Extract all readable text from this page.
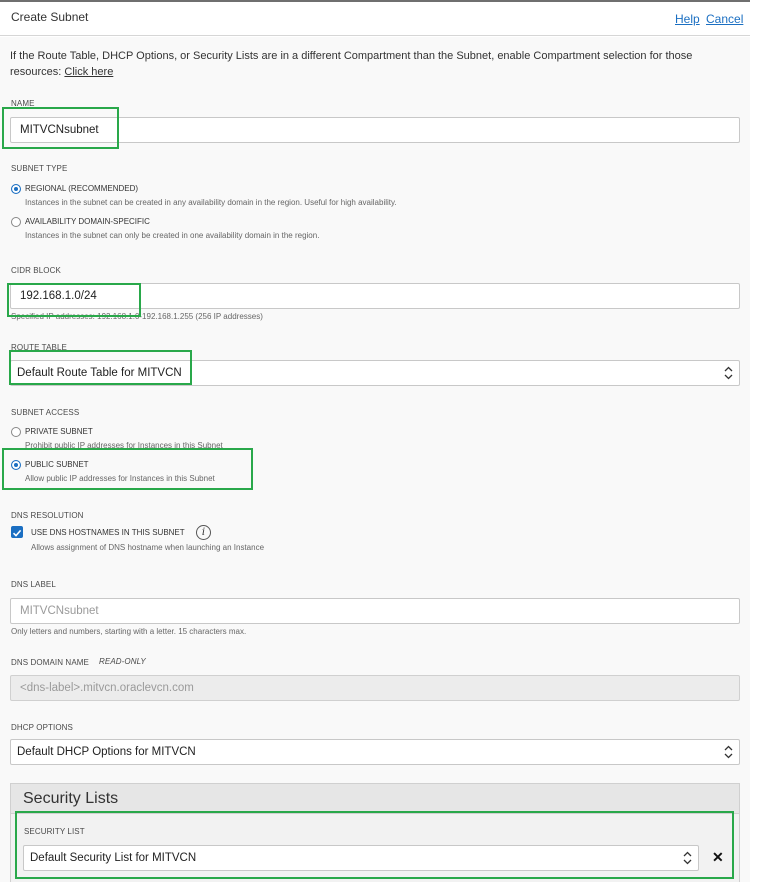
Create Subnet	Help Cancel
If the Route Table, DHCP Options, or Security Lists are in a different Compartment than the Subnet, enable Compartment selection for those resources: Click here
NAME
MITVCNsubnet
SUBNET TYPE
REGIONAL (RECOMMENDED)
Instances in the subnet can be created in any availability domain in the region. Useful for high availability.
AVAILABILITY DOMAIN-SPECIFIC
Instances in the subnet can only be created in one availability domain in the region.
CIDR BLOCK
192.168.1.0/24
Specified IP addresses: 192.168.1.0-192.168.1.255 (256 IP addresses)
ROUTE TABLE
Default Route Table for MITVCN
SUBNET ACCESS
PRIVATE SUBNET
Prohibit public IP addresses for Instances in this Subnet
PUBLIC SUBNET
Allow public IP addresses for Instances in this Subnet
DNS RESOLUTION
USE DNS HOSTNAMES IN THIS SUBNET	i
Allows assignment of DNS hostname when launching an Instance
DNS LABEL
MITVCNsubnet
Only letters and numbers, starting with a letter. 15 characters max.
DNS DOMAIN NAME READ-ONLY
<dns-label>.mitvcn.oraclevcn.com
DHCP OPTIONS
Default DHCP Options for MITVCN
Security Lists
SECURITY LIST
Default Security List for MITVCN	✕
